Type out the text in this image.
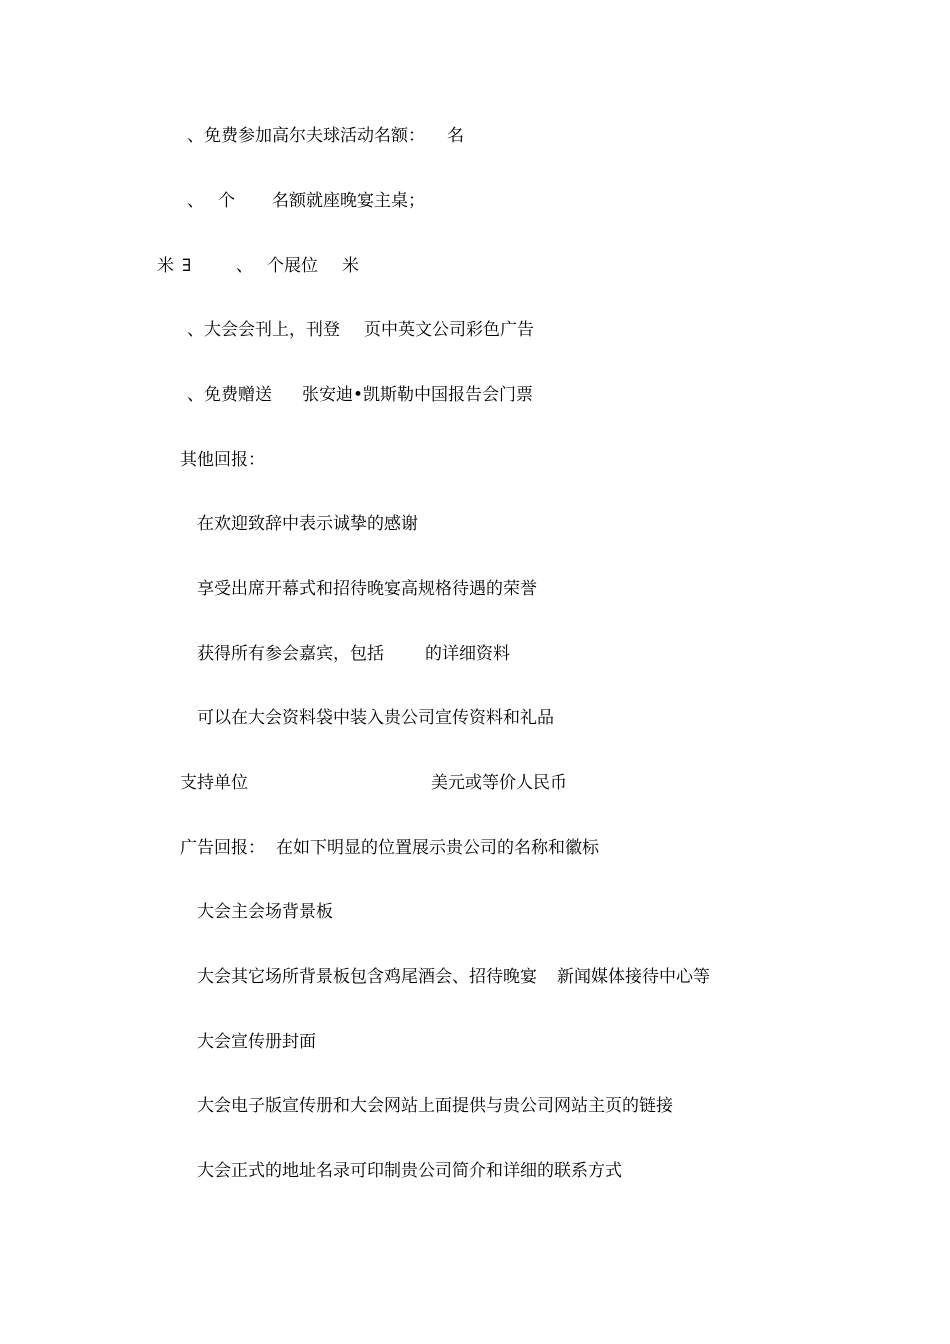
、免费参加高尔夫球活动名额： 名
、 个 名额就座晚宴主桌；
米 ∃	、 个展位 米
、大会会刊上，刊登 页中英文公司彩色广告
、免费赠送 张安迪•凯斯勒中国报告会门票
其他回报：
在欢迎致辞中表示诚挚的感谢
享受出席开幕式和招待晚宴高规格待遇的荣誉
获得所有参会嘉宾，包括 的详细资料
可以在大会资料袋中装入贵公司宣传资料和礼品
支持单位	美元或等价人民币
广告回报： 在如下明显的位置展示贵公司的名称和徽标
大会主会场背景板
大会其它场所背景板包含鸡尾酒会、招待晚宴 新闻媒体接待中心等
大会宣传册封面
大会电子版宣传册和大会网站上面提供与贵公司网站主页的链接
大会正式的地址名录可印制贵公司简介和详细的联系方式
